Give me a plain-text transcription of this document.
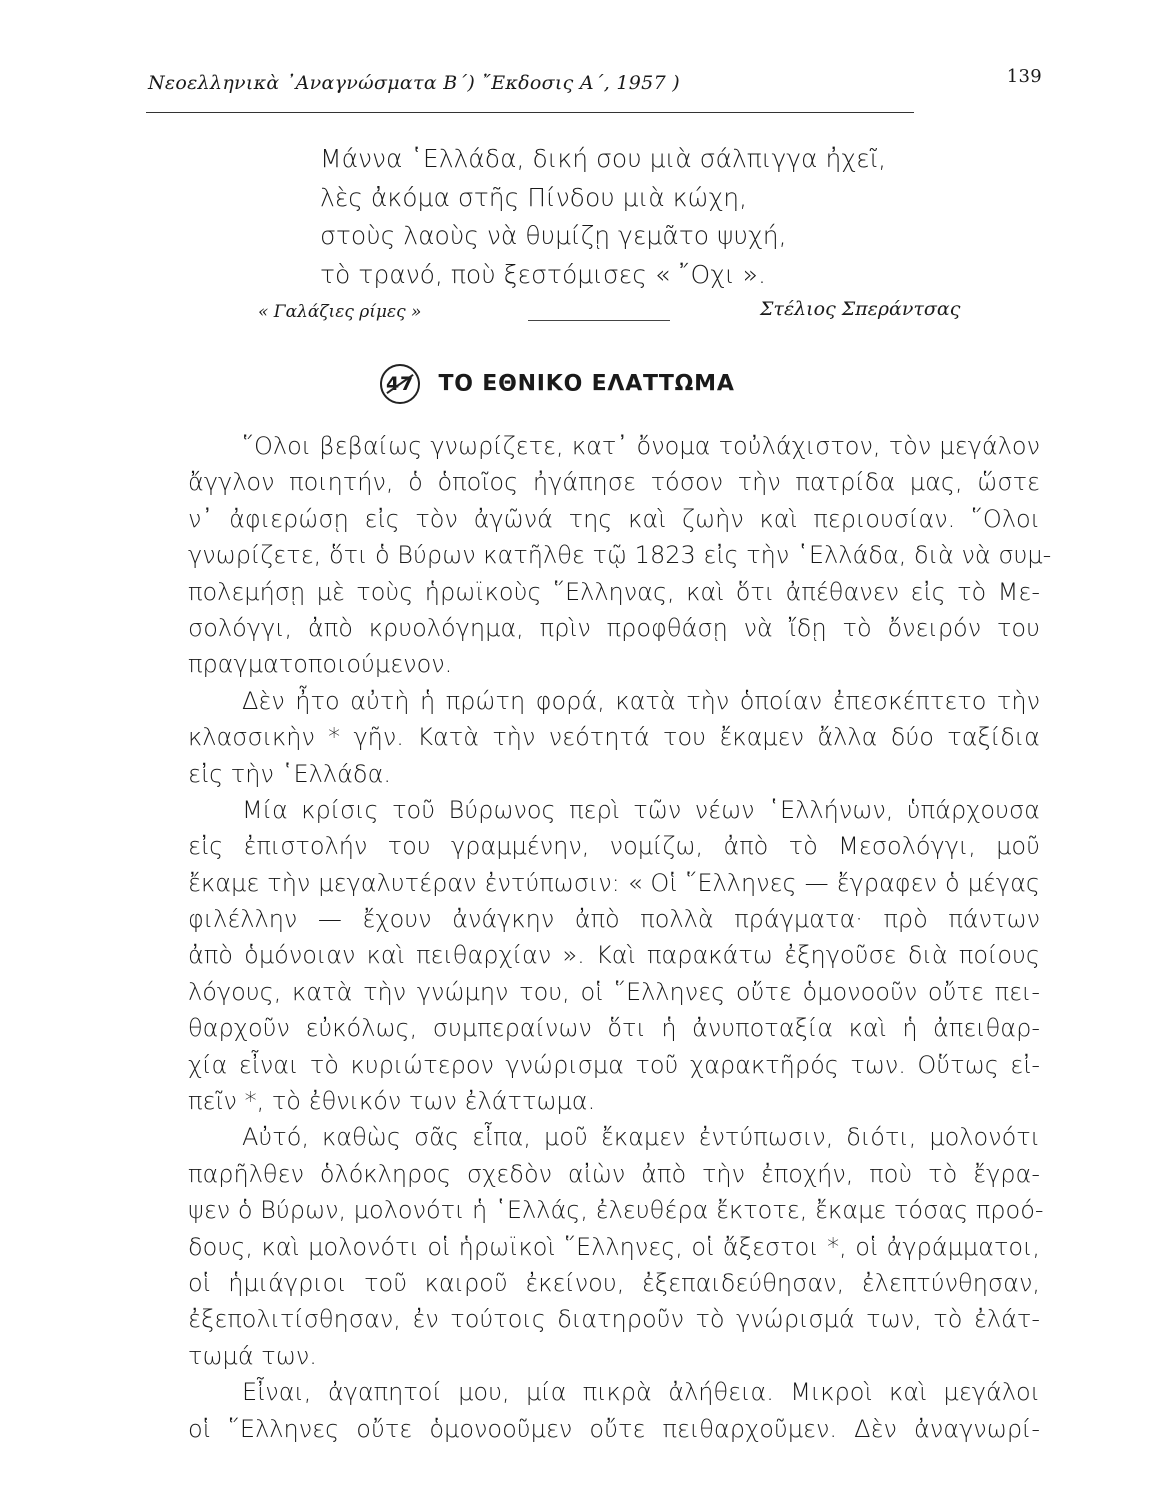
Νεοελληνικὰ ᾿Αναγνώσματα Β΄) ῎Εκδοσις Α΄, 1957 )	139
Μάννα ῾Ελλάδα, δική σου μιὰ σάλπιγγα ἠχεῖ,
λὲς ἀκόμα στῆς Πίνδου μιὰ κώχη,
στοὺς λαοὺς νὰ θυμίζῃ γεμᾶτο ψυχή,
τὸ τρανό, ποὺ ξεστόμισες « ῎Οχι ».
« Γαλάζιες ρίμες »	Στέλιος Σπεράντσας
47 ΤΟ ΕΘΝΙΚΟ ΕΛΑΤΤΩΜΑ
῞Ολοι βεβαίως γνωρίζετε, κατ᾿ ὄνομα τοὐλάχιστον, τὸν μεγάλον
ἄγγλον ποιητήν, ὁ ὁποῖος ἠγάπησε τόσον τὴν πατρίδα μας, ὥστε
ν᾿ ἀφιερώσῃ εἰς τὸν ἀγῶνά της καὶ ζωὴν καὶ περιουσίαν. ῞Ολοι
γνωρίζετε, ὅτι ὁ Βύρων κατῆλθε τῷ 1823 εἰς τὴν ῾Ελλάδα, διὰ νὰ συμ-
πολεμήσῃ μὲ τοὺς ἡρωϊκοὺς ῞Ελληνας, καὶ ὅτι ἀπέθανεν εἰς τὸ Με-
σολόγγι, ἀπὸ κρυολόγημα, πρὶν προφθάσῃ νὰ ἴδῃ τὸ ὄνειρόν του
πραγματοποιούμενον.
Δὲν ἦτο αὐτὴ ἡ πρώτη φορά, κατὰ τὴν ὁποίαν ἐπεσκέπτετο τὴν
κλασσικὴν * γῆν. Κατὰ τὴν νεότητά του ἔκαμεν ἄλλα δύο ταξίδια
εἰς τὴν ῾Ελλάδα.
Μία κρίσις τοῦ Βύρωνος περὶ τῶν νέων ῾Ελλήνων, ὑπάρχουσα
εἰς ἐπιστολήν του γραμμένην, νομίζω, ἀπὸ τὸ Μεσολόγγι, μοῦ
ἔκαμε τὴν μεγαλυτέραν ἐντύπωσιν: « Οἱ ῞Ελληνες — ἔγραφεν ὁ μέγας
φιλέλλην — ἔχουν ἀνάγκην ἀπὸ πολλὰ πράγματα· πρὸ πάντων
ἀπὸ ὁμόνοιαν καὶ πειθαρχίαν ». Καὶ παρακάτω ἐξηγοῦσε διὰ ποίους
λόγους, κατὰ τὴν γνώμην του, οἱ ῞Ελληνες οὔτε ὁμονοοῦν οὔτε πει-
θαρχοῦν εὐκόλως, συμπεραίνων ὅτι ἡ ἀνυποταξία καὶ ἡ ἀπειθαρ-
χία εἶναι τὸ κυριώτερον γνώρισμα τοῦ χαρακτῆρός των. Οὕτως εἰ-
πεῖν *, τὸ ἐθνικόν των ἐλάττωμα.
Αὐτό, καθὼς σᾶς εἶπα, μοῦ ἔκαμεν ἐντύπωσιν, διότι, μολονότι
παρῆλθεν ὁλόκληρος σχεδὸν αἰὼν ἀπὸ τὴν ἐποχήν, ποὺ τὸ ἔγρα-
ψεν ὁ Βύρων, μολονότι ἡ ῾Ελλάς, ἐλευθέρα ἔκτοτε, ἔκαμε τόσας προό-
δους, καὶ μολονότι οἱ ἡρωϊκοὶ ῞Ελληνες, οἱ ἄξεστοι *, οἱ ἀγράμματοι,
οἱ ἡμιάγριοι τοῦ καιροῦ ἐκείνου, ἐξεπαιδεύθησαν, ἐλεπτύνθησαν,
ἐξεπολιτίσθησαν, ἐν τούτοις διατηροῦν τὸ γνώρισμά των, τὸ ἐλάτ-
τωμά των.
Εἶναι, ἀγαπητοί μου, μία πικρὰ ἀλήθεια. Μικροὶ καὶ μεγάλοι
οἱ ῞Ελληνες οὔτε ὁμονοοῦμεν οὔτε πειθαρχοῦμεν. Δὲν ἀναγνωρί-
